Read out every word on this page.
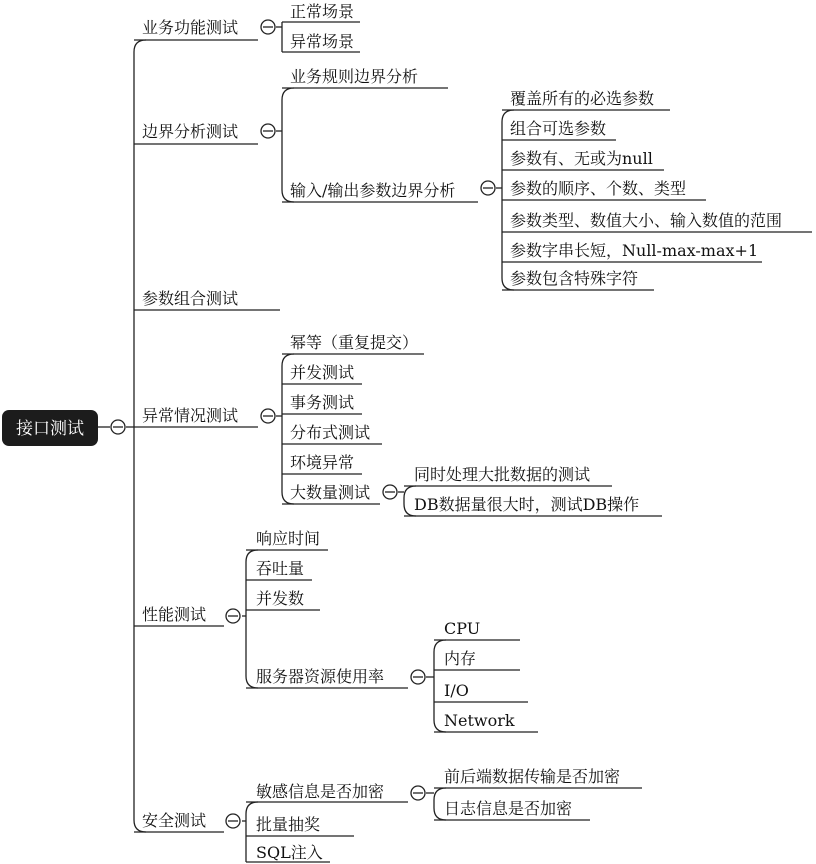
接口测试
业务功能测试
边界分析测试
参数组合测试
异常情况测试
性能测试
安全测试
正常场景
异常场景
业务规则边界分析
输入/输出参数边界分析
覆盖所有的必选参数
组合可选参数
参数有、无或为null
参数的顺序、个数、类型
参数类型、数值大小、输入数值的范围
参数字串长短，Null-max-max+1
参数包含特殊字符
幂等（重复提交）
并发测试
事务测试
分布式测试
环境异常
大数量测试
同时处理大批数据的测试
DB数据量很大时，测试DB操作
响应时间
吞吐量
并发数
服务器资源使用率
CPU
内存
I/O
Network
敏感信息是否加密
批量抽奖
SQL注入
前后端数据传输是否加密
日志信息是否加密
